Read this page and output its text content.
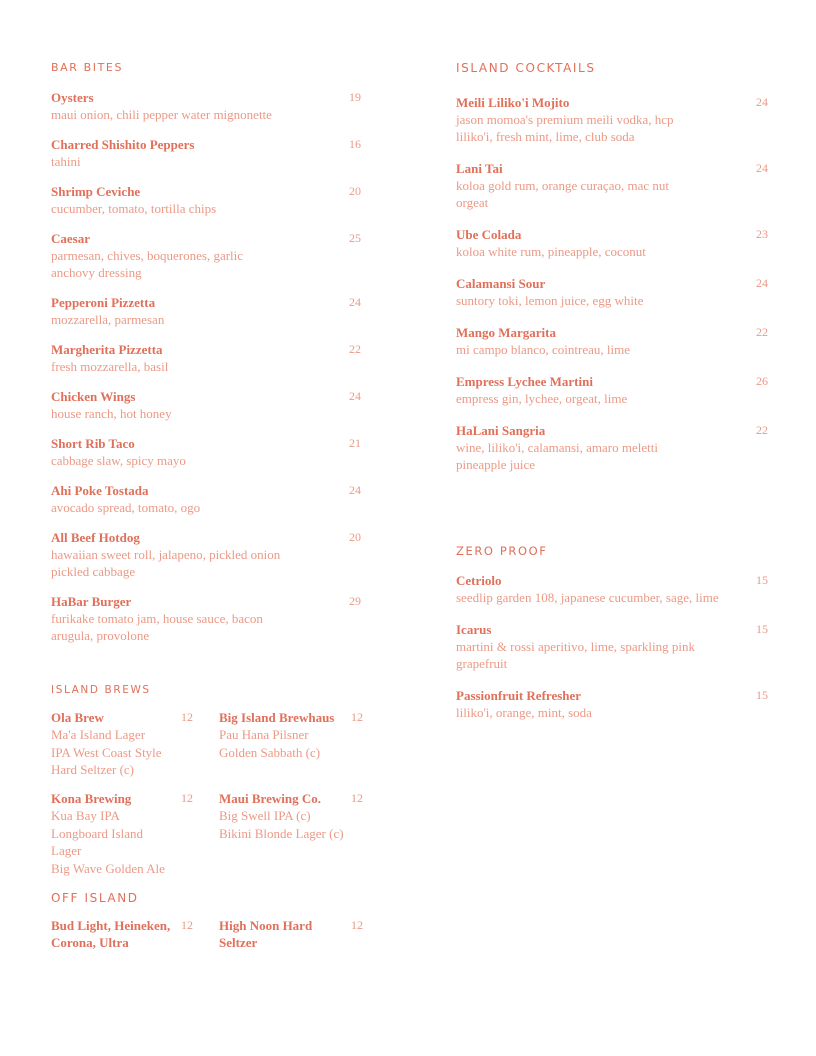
BAR BITES
Oysters
maui onion, chili pepper water mignonette
19
Charred Shishito Peppers
tahini
16
Shrimp Ceviche
cucumber, tomato, tortilla chips
20
Caesar
parmesan, chives, boquerones, garlic anchovy dressing
25
Pepperoni Pizzetta
mozzarella, parmesan
24
Margherita Pizzetta
fresh mozzarella, basil
22
Chicken Wings
house ranch, hot honey
24
Short Rib Taco
cabbage slaw, spicy mayo
21
Ahi Poke Tostada
avocado spread, tomato, ogo
24
All Beef Hotdog
hawaiian sweet roll, jalapeno, pickled onion pickled cabbage
20
HaBar Burger
furikake tomato jam, house sauce, bacon arugula, provolone
29
ISLAND BREWS
Ola Brew
Ma'a Island Lager
IPA West Coast Style
Hard Seltzer (c)
12 Big Island Brewhaus
Pau Hana Pilsner
Golden Sabbath (c)
12
Kona Brewing
Kua Bay IPA
Longboard Island Lager
Big Wave Golden Ale
12 Maui Brewing Co.
Big Swell IPA (c)
Bikini Blonde Lager (c)
12
OFF ISLAND
Bud Light, Heineken, Corona, Ultra
12 High Noon Hard Seltzer
12
ISLAND COCKTAILS
Meili Liliko'i Mojito
jason momoa's premium meili vodka, hcp liliko'i, fresh mint, lime, club soda
24
Lani Tai
koloa gold rum, orange curaçao, mac nut orgeat
24
Ube Colada
koloa white rum, pineapple, coconut
23
Calamansi Sour
suntory toki, lemon juice, egg white
24
Mango Margarita
mi campo blanco, cointreau, lime
22
Empress Lychee Martini
empress gin, lychee, orgeat, lime
26
HaLani Sangria
wine, liliko'i, calamansi, amaro meletti pineapple juice
22
ZERO PROOF
Cetriolo
seedlip garden 108, japanese cucumber, sage, lime
15
Icarus
martini & rossi aperitivo, lime, sparkling pink grapefruit
15
Passionfruit Refresher
liliko'i, orange, mint, soda
15
